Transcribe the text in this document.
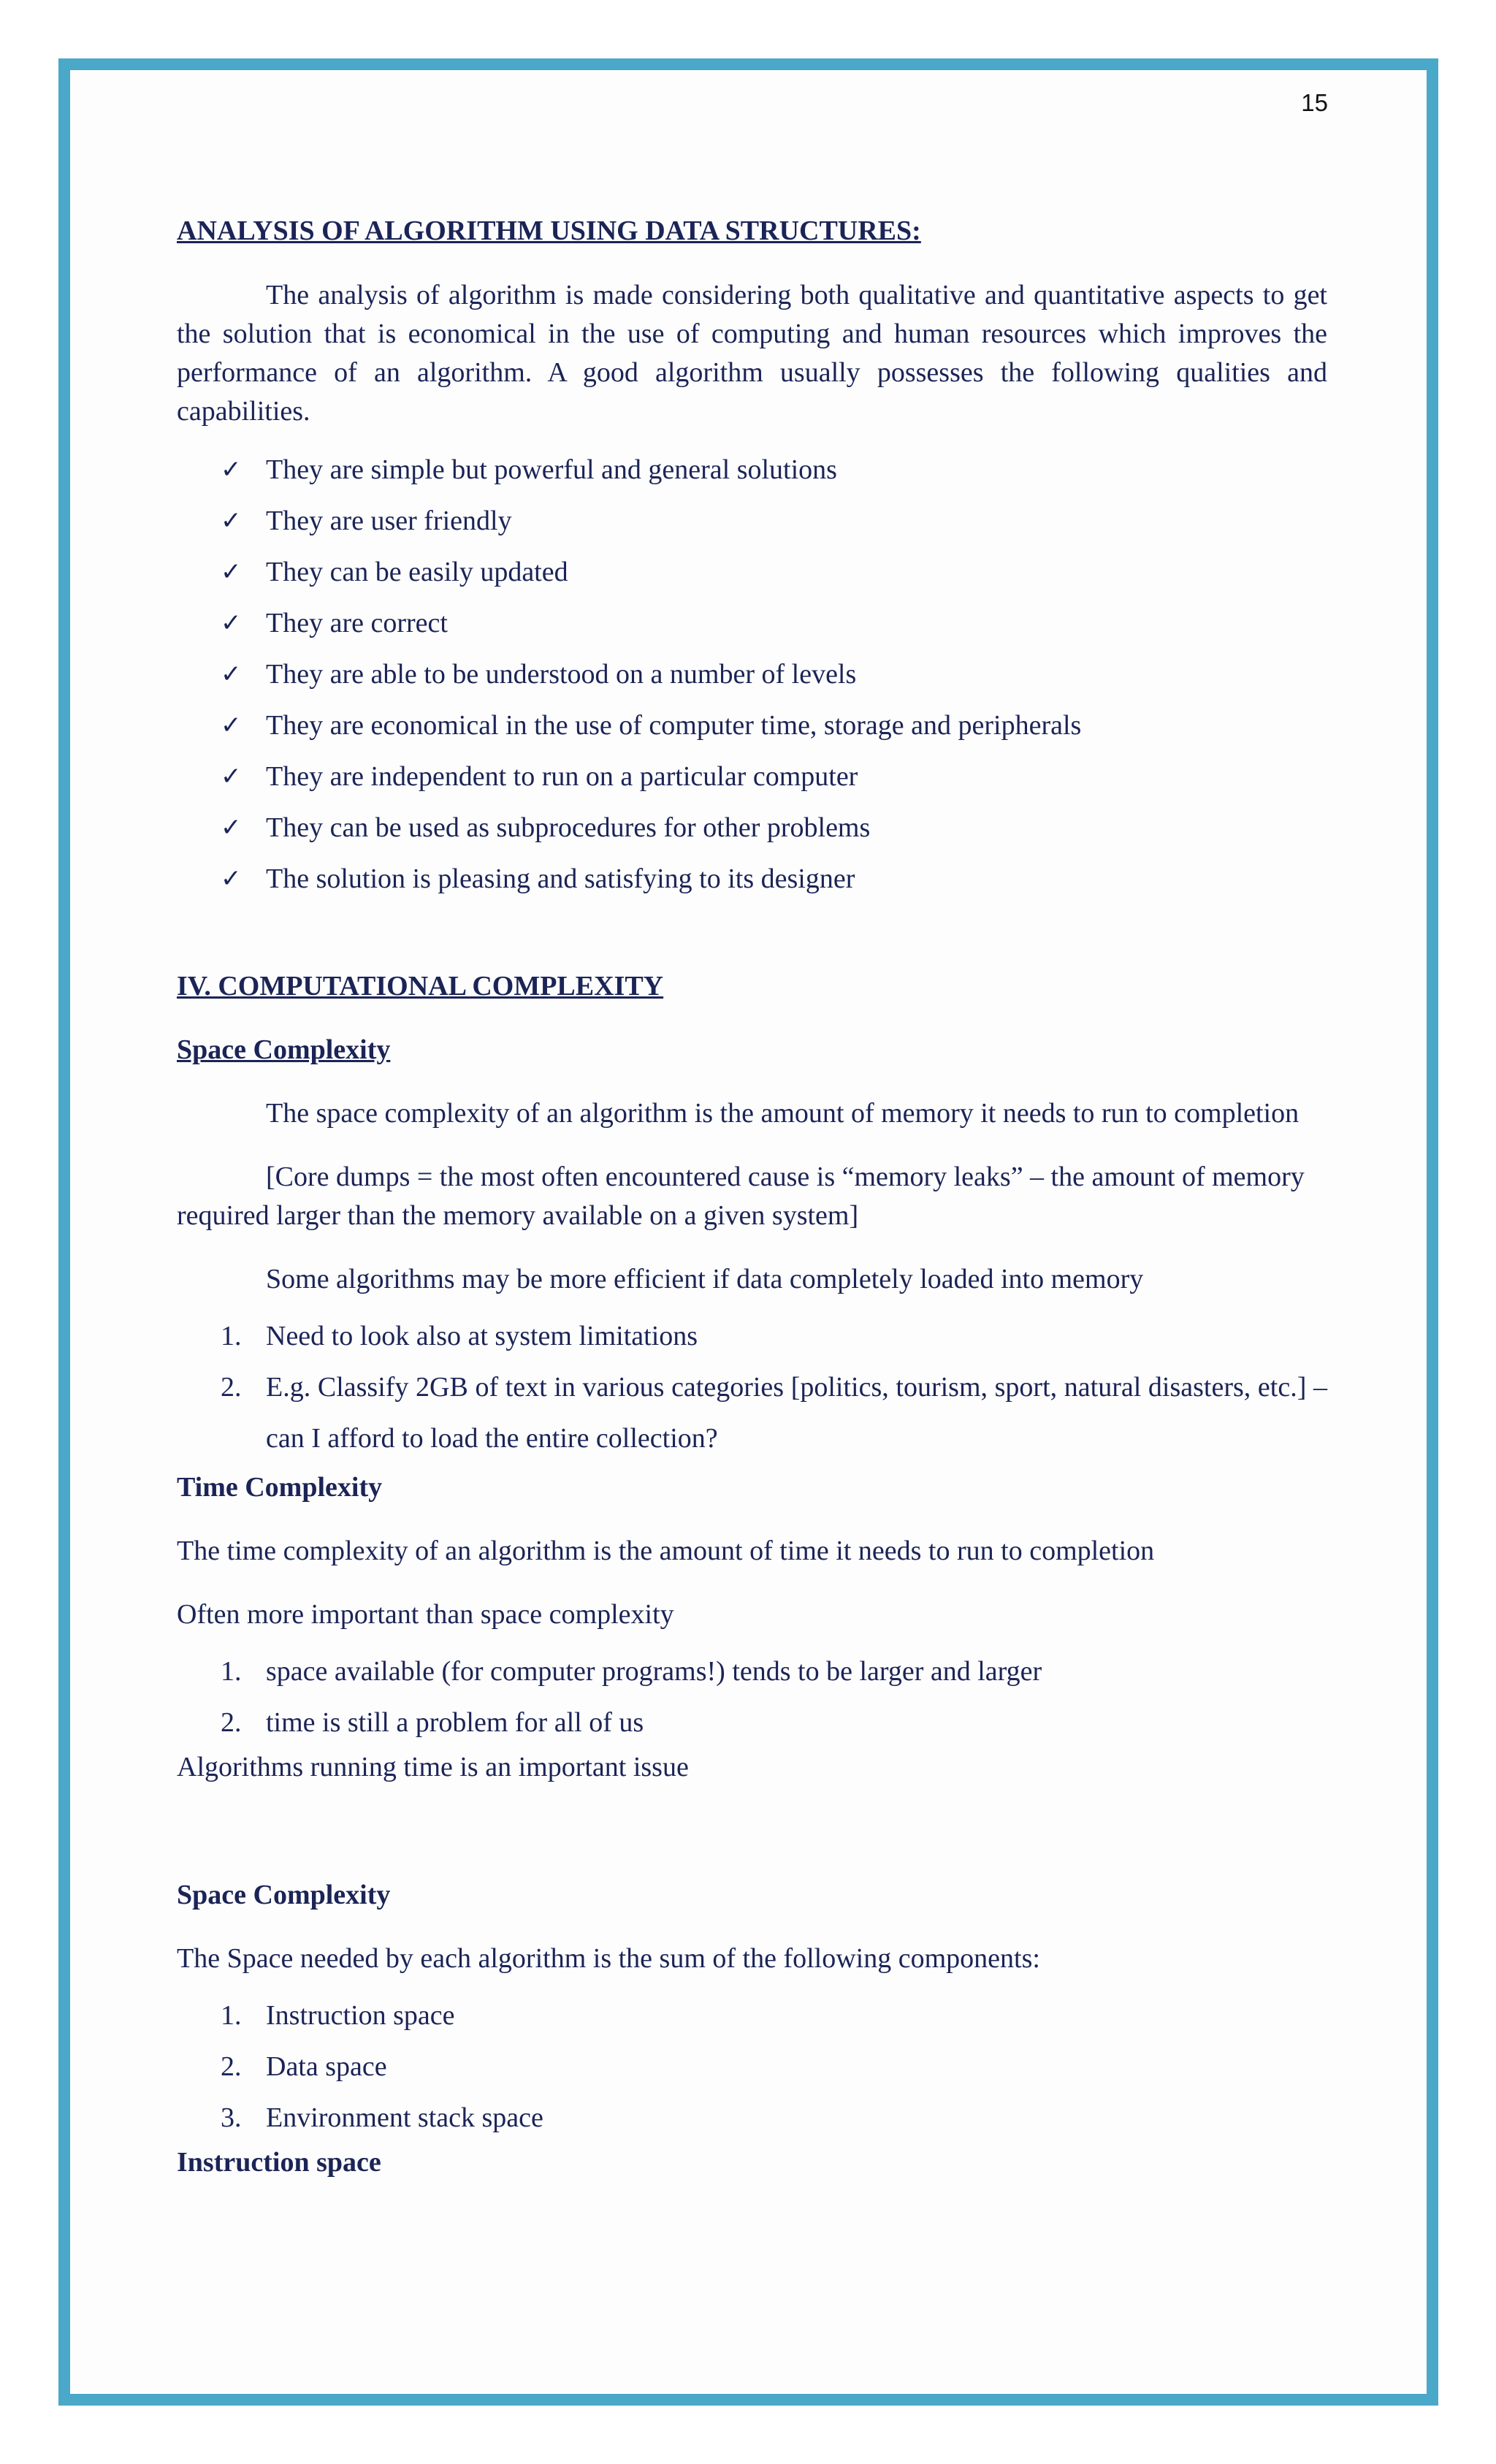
15
ANALYSIS OF ALGORITHM USING DATA STRUCTURES:

The analysis of algorithm is made considering both qualitative and quantitative aspects to get the solution that is economical in the use of computing and human resources which improves the performance of an algorithm. A good algorithm usually possesses the following qualities and capabilities.

✓ They are simple but powerful and general solutions
✓ They are user friendly
✓ They can be easily updated
✓ They are correct
✓ They are able to be understood on a number of levels
✓ They are economical in the use of computer time, storage and peripherals
✓ They are independent to run on a particular computer
✓ They can be used as subprocedures for other problems
✓ The solution is pleasing and satisfying to its designer
IV. COMPUTATIONAL COMPLEXITY

Space Complexity

The space complexity of an algorithm is the amount of memory it needs to run to completion

[Core dumps = the most often encountered cause is “memory leaks” – the amount of memory required larger than the memory available on a given system]

Some algorithms may be more efficient if data completely loaded into memory

1. Need to look also at system limitations
2. E.g. Classify 2GB of text in various categories [politics, tourism, sport, natural disasters, etc.] – can I afford to load the entire collection?

Time Complexity

The time complexity of an algorithm is the amount of time it needs to run to completion

Often more important than space complexity

1. space available (for computer programs!) tends to be larger and larger
2. time is still a problem for all of us

Algorithms running time is an important issue

Space Complexity

The Space needed by each algorithm is the sum of the following components:

1. Instruction space
2. Data space
3. Environment stack space

Instruction space
